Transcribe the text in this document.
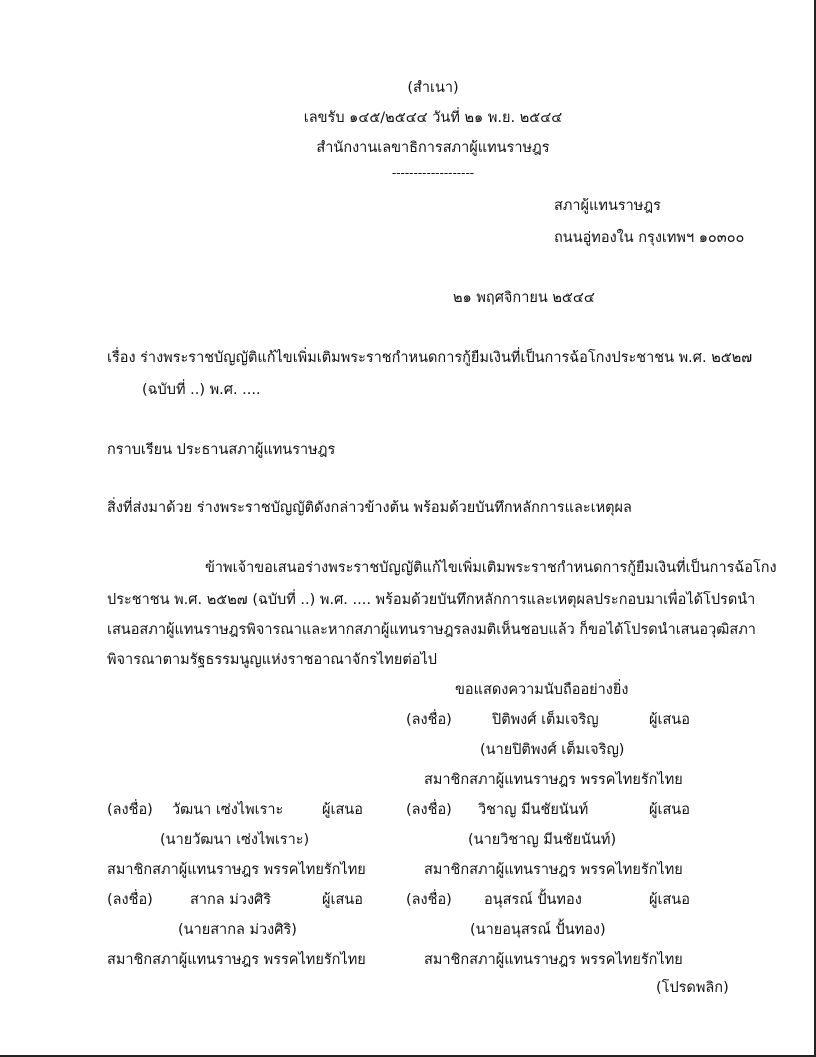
(สำเนา)
เลขรับ ๑๔๕/๒๕๔๔ วันที่ ๒๑ พ.ย. ๒๕๔๔
สำนักงานเลขาธิการสภาผู้แทนราษฎร
-------------------
สภาผู้แทนราษฎร
ถนนอู่ทองใน กรุงเทพฯ ๑๐๓๐๐
๒๑ พฤศจิกายน ๒๕๔๔
เรื่อง ร่างพระราชบัญญัติแก้ไขเพิ่มเติมพระราชกำหนดการกู้ยืมเงินที่เป็นการฉ้อโกงประชาชน พ.ศ. ๒๕๒๗
(ฉบับที่ ..) พ.ศ. ....
กราบเรียน ประธานสภาผู้แทนราษฎร
สิ่งที่ส่งมาด้วย ร่างพระราชบัญญัติดังกล่าวข้างต้น พร้อมด้วยบันทึกหลักการและเหตุผล
ข้าพเจ้าขอเสนอร่างพระราชบัญญัติแก้ไขเพิ่มเติมพระราชกำหนดการกู้ยืมเงินที่เป็นการฉ้อโกง
ประชาชน พ.ศ. ๒๕๒๗ (ฉบับที่ ..) พ.ศ. .... พร้อมด้วยบันทึกหลักการและเหตุผลประกอบมาเพื่อได้โปรดนำ
เสนอสภาผู้แทนราษฎรพิจารณาและหากสภาผู้แทนราษฎรลงมติเห็นชอบแล้ว ก็ขอได้โปรดนำเสนอวุฒิสภา
พิจารณาตามรัฐธรรมนูญแห่งราชอาณาจักรไทยต่อไป
ขอแสดงความนับถืออย่างยิ่ง
(ลงชื่อ)	ปิติพงศ์ เต็มเจริญ	ผู้เสนอ
(นายปิติพงศ์ เต็มเจริญ)
สมาชิกสภาผู้แทนราษฎร พรรคไทยรักไทย
(ลงชื่อ) วัฒนา เซ่งไพเราะ	ผู้เสนอ	(ลงชื่อ) วิชาญ มีนชัยนันท์	ผู้เสนอ
(นายวัฒนา เซ่งไพเราะ)	(นายวิชาญ มีนชัยนันท์)
สมาชิกสภาผู้แทนราษฎร พรรคไทยรักไทย	สมาชิกสภาผู้แทนราษฎร พรรคไทยรักไทย
(ลงชื่อ)	สากล ม่วงศิริ	ผู้เสนอ	(ลงชื่อ) อนุสรณ์ ปั้นทอง	ผู้เสนอ
(นายสากล ม่วงศิริ)	(นายอนุสรณ์ ปั้นทอง)
สมาชิกสภาผู้แทนราษฎร พรรคไทยรักไทย	สมาชิกสภาผู้แทนราษฎร พรรคไทยรักไทย
(โปรดพลิก)
